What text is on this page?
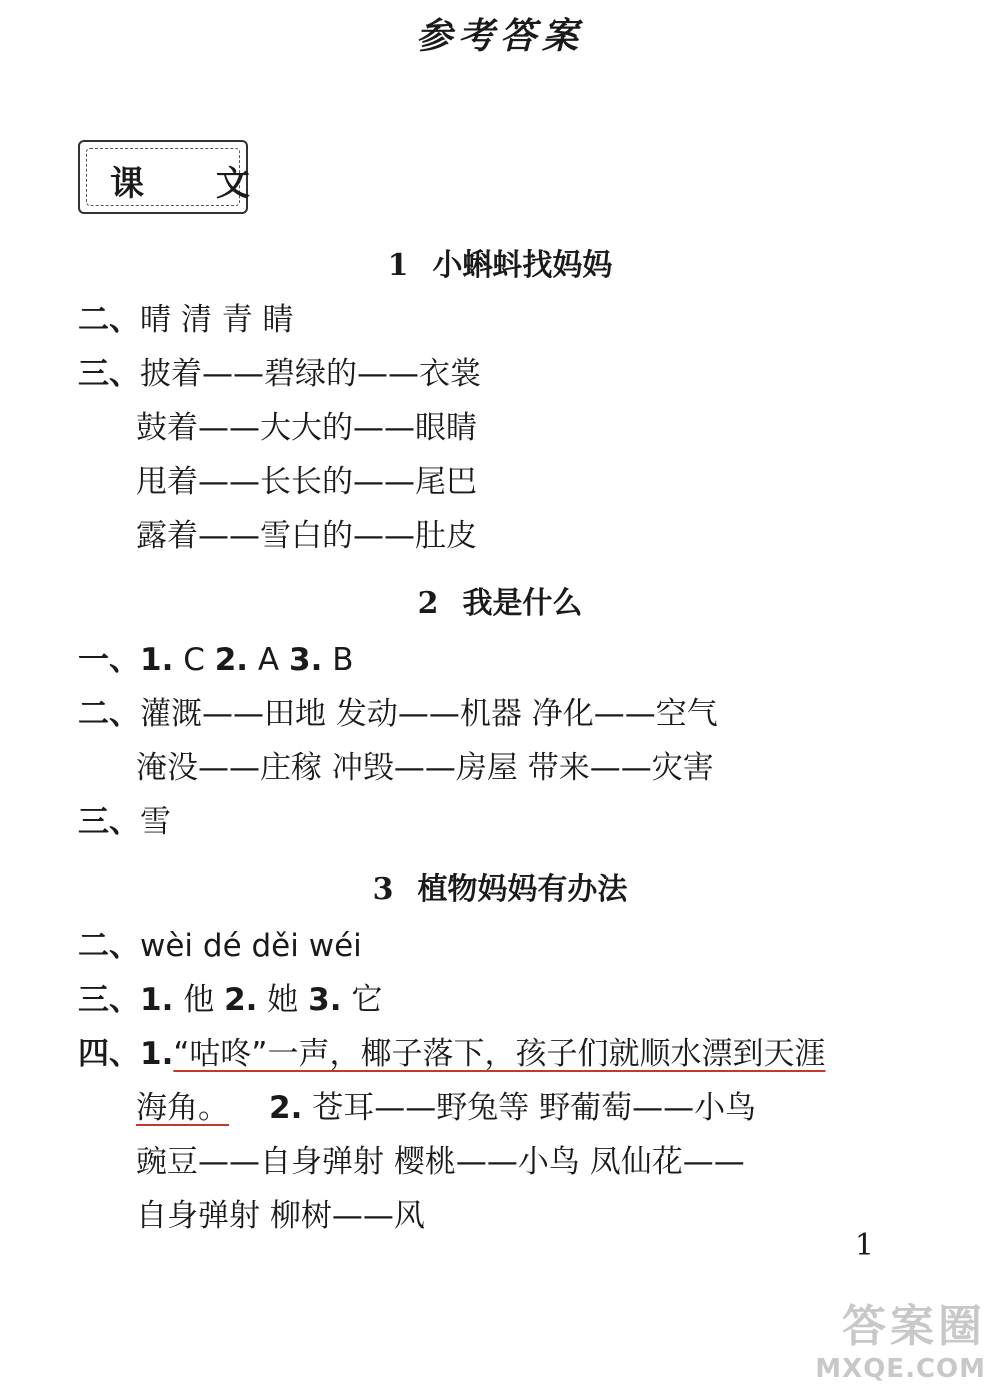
参考答案
课 文
1 小蝌蚪找妈妈
二、晴 清 青 睛
三、披着——碧绿的——衣裳
鼓着——大大的——眼睛
甩着——长长的——尾巴
露着——雪白的——肚皮
2 我是什么
一、1. C 2. A 3. B
二、灌溉——田地 发动——机器 净化——空气
淹没——庄稼 冲毁——房屋 带来——灾害
三、雪
3 植物妈妈有办法
二、wèi dé děi wéi
三、1. 他 2. 她 3. 它
四、1.“咕咚”一声，椰子落下，孩子们就顺水漂到天涯
海角。 2. 苍耳——野兔等 野葡萄——小鸟
豌豆——自身弹射 樱桃——小鸟 凤仙花——
自身弹射 柳树——风
1
答案圈
MXQE.COM
